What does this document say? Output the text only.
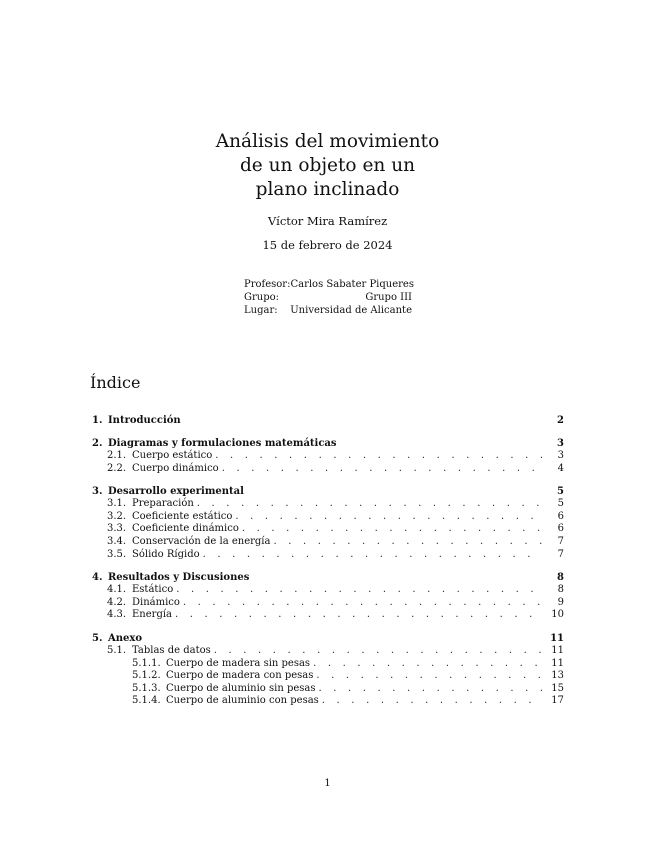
Análisis del movimiento
de un objeto en un
plano inclinado
Víctor Mira Ramírez
15 de febrero de 2024
Profesor: Carlos Sabater Piqueres
Grupo:	Grupo III
Lugar: Universidad de Alicante
Índice
1. Introducción	2
2. Diagramas y formulaciones matemáticas	3
2.1. Cuerpo estático . . .	3
2.2. Cuerpo dinámico . . .	4
3. Desarrollo experimental	5
3.1. Preparación . . .	5
3.2. Coeficiente estático . . .	6
3.3. Coeficiente dinámico . . .	6
3.4. Conservación de la energía . . .	7
3.5. Sólido Rígido . . .	7
4. Resultados y Discusiones	8
4.1. Estático . . .	8
4.2. Dinámico . . .	9
4.3. Energía . . .	10
5. Anexo	11
5.1. Tablas de datos . . .	11
5.1.1. Cuerpo de madera sin pesas . . .	11
5.1.2. Cuerpo de madera con pesas . . .	13
5.1.3. Cuerpo de aluminio sin pesas . . .	15
5.1.4. Cuerpo de aluminio con pesas . . .	17
1
